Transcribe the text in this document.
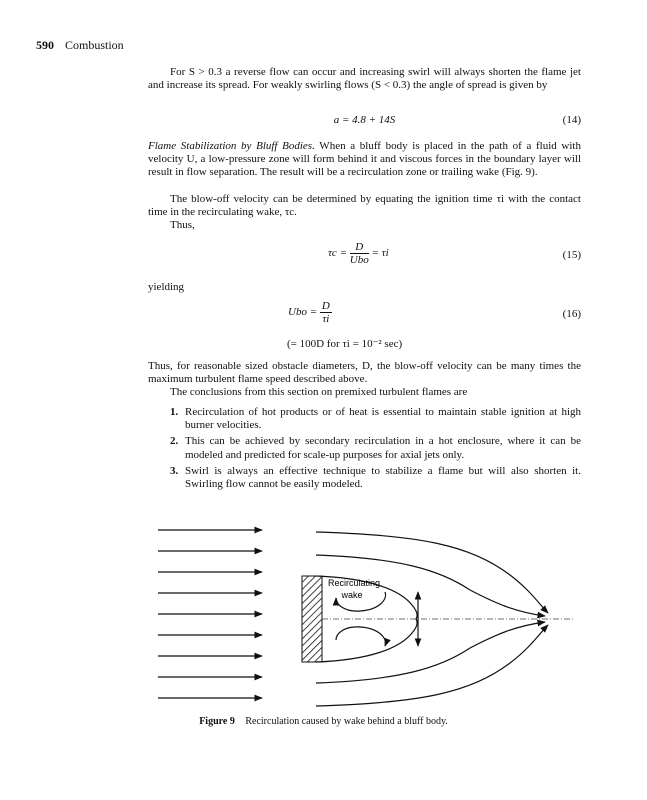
590 Combustion
For S > 0.3 a reverse flow can occur and increasing swirl will always shorten the flame jet and increase its spread. For weakly swirling flows (S < 0.3) the angle of spread is given by
a = 4.8 + 14S	(14)
Flame Stabilization by Bluff Bodies. When a bluff body is placed in the path of a fluid with velocity U, a low-pressure zone will form behind it and viscous forces in the boundary layer will result in flow separation. The result will be a recirculation zone or trailing wake (Fig. 9).
The blow-off velocity can be determined by equating the ignition time τi with the contact time in the recirculating wake, τc.
Thus,
$\tau c = \frac{D}{\text{Ubo}} = \tau i$	(15)
yielding
Ubo = $\frac{D}{\tau i}$	(16)
(= 100D for τi = 10⁻² sec)
Thus, for reasonable sized obstacle diameters, D, the blow-off velocity can be many times the maximum turbulent flame speed described above.
The conclusions from this section on premixed turbulent flames are
1. Recirculation of hot products or of heat is essential to maintain stable ignition at high burner velocities.
2. This can be achieved by secondary recirculation in a hot enclosure, where it can be modeled and predicted for scale-up purposes for axial jets only.
3. Swirl is always an effective technique to stabilize a flame but will also shorten it. Swirling flow cannot be easily modeled.
Recirculating
wake
Figure 9 Recirculation caused by wake behind a bluff body.
